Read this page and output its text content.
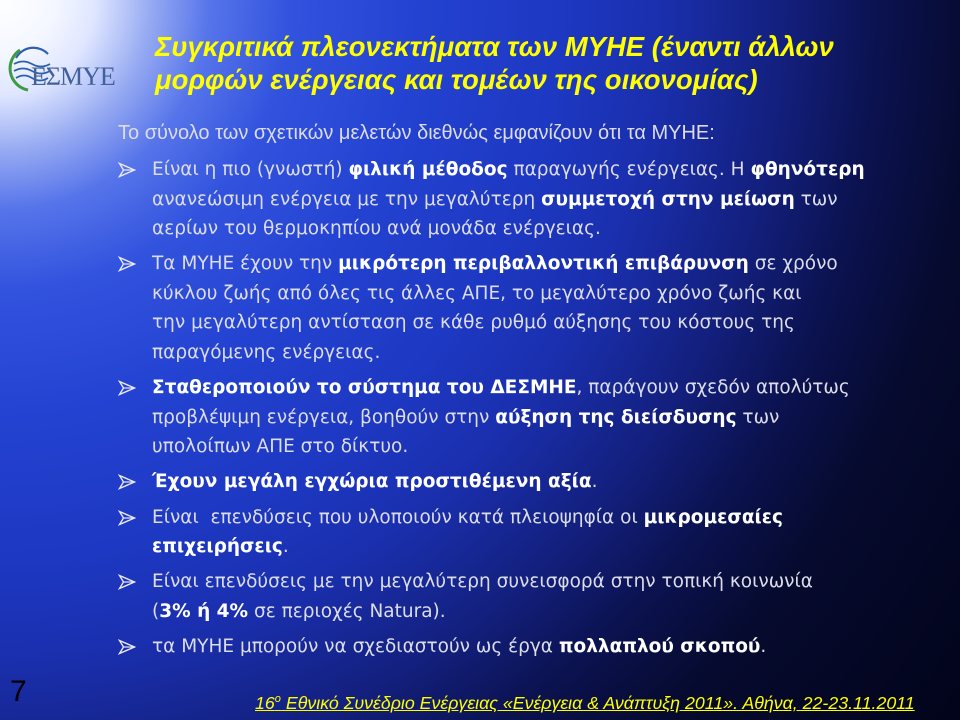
ΕΣΜΥΕ
Συγκριτικά πλεονεκτήματα των ΜΥΗΕ (έναντι άλλων
μορφών ενέργειας και τομέων της οικονομίας)
Το σύνολο των σχετικών μελετών διεθνώς εμφανίζουν ότι τα ΜΥΗΕ:
Είναι η πιο (γνωστή) φιλική μέθοδος παραγωγής ενέργειας. Η φθηνότερη
ανανεώσιμη ενέργεια με την μεγαλύτερη συμμετοχή στην μείωση των
αερίων του θερμοκηπίου ανά μονάδα ενέργειας.
Τα ΜΥΗΕ έχουν την μικρότερη περιβαλλοντική επιβάρυνση σε χρόνο
κύκλου ζωής από όλες τις άλλες ΑΠΕ, το μεγαλύτερο χρόνο ζωής και
την μεγαλύτερη αντίσταση σε κάθε ρυθμό αύξησης του κόστους της
παραγόμενης ενέργειας.
Σταθεροποιούν το σύστημα του ΔΕΣΜΗΕ, παράγουν σχεδόν απολύτως
προβλέψιμη ενέργεια, βοηθούν στην αύξηση της διείσδυσης των
υπολοίπων ΑΠΕ στο δίκτυο.
Έχουν μεγάλη εγχώρια προστιθέμενη αξία.
Είναι  επενδύσεις που υλοποιούν κατά πλειοψηφία οι μικρομεσαίες
επιχειρήσεις.
Είναι επενδύσεις με την μεγαλύτερη συνεισφορά στην τοπική κοινωνία
(3% ή 4% σε περιοχές Natura).
τα ΜΥΗΕ μπορούν να σχεδιαστούν ως έργα πολλαπλού σκοπού.
$16^o$ Εθνικό Συνέδριο Ενέργειας «Ενέργεια & Ανάπτυξη 2011». Αθήνα, 22-23.11.2011
7
